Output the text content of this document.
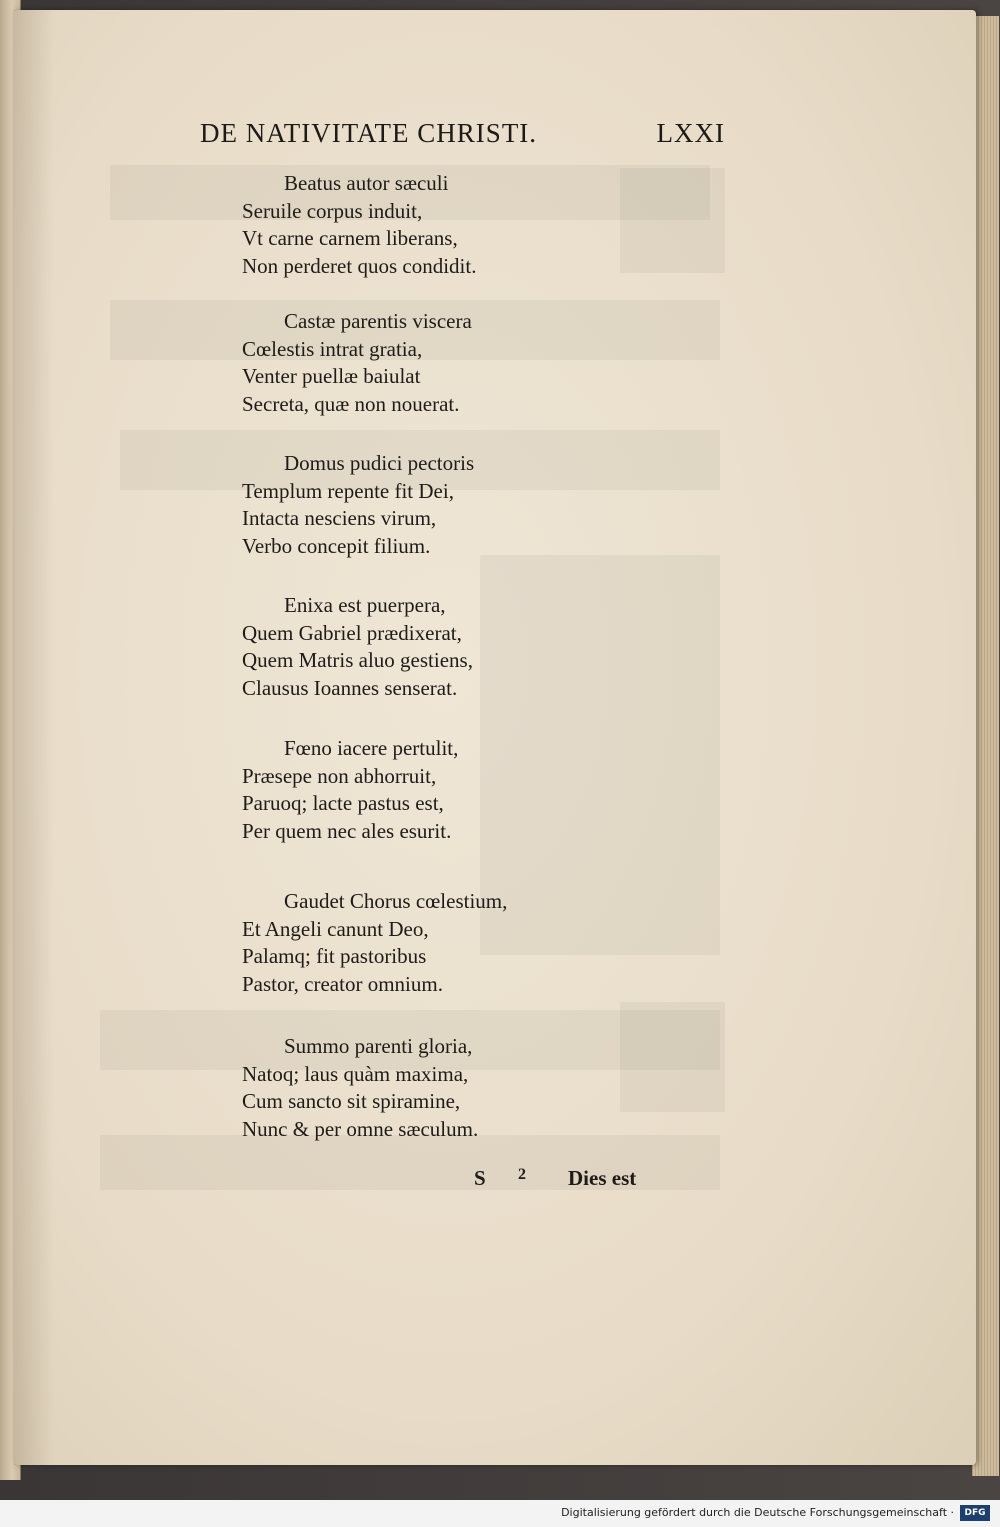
DE NATIVITATE CHRISTI.	LXXI
Beatus autor sæculi
Seruile corpus induit,
Vt carne carnem liberans,
Non perderet quos condidit.
Castæ parentis viscera
Cœlestis intrat gratia,
Venter puellæ baiulat
Secreta, quæ non nouerat.
Domus pudici pectoris
Templum repente fit Dei,
Intacta nesciens virum,
Verbo concepit filium.
Enixa est puerpera,
Quem Gabriel prædixerat,
Quem Matris aluo gestiens,
Clausus Ioannes senserat.
Fœno iacere pertulit,
Præsepe non abhorruit,
Paruoq; lacte pastus est,
Per quem nec ales esurit.
Gaudet Chorus cœlestium,
Et Angeli canunt Deo,
Palamq; fit pastoribus
Pastor, creator omnium.
Summo parenti gloria,
Natoq; laus quàm maxima,
Cum sancto sit spiramine,
Nunc & per omne sæculum.
S 2 Dies est
Digitalisierung gefördert durch die Deutsche Forschungsgemeinschaft ·	DFG
